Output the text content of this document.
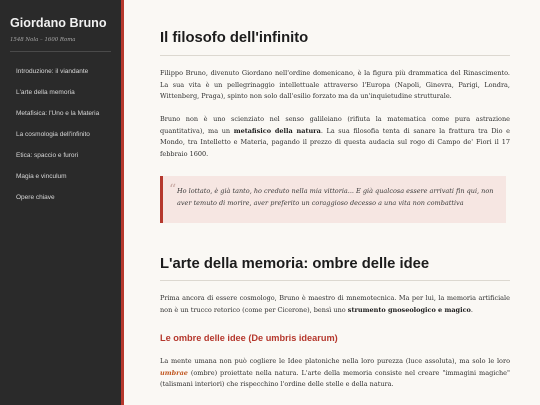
Giordano Bruno
1548 Nola – 1600 Roma
Introduzione: il viandante
L'arte della memoria
Metafisica: l'Uno e la Materia
La cosmologia dell'infinito
Etica: spaccio e furori
Magia e vinculum
Opere chiave
Il filosofo dell'infinito

Filippo Bruno, divenuto Giordano nell'ordine domenicano, è la figura più drammatica del Rinascimento. La sua vita è un pellegrinaggio intellettuale attraverso l'Europa (Napoli, Ginevra, Parigi, Londra, Wittenberg, Praga), spinto non solo dall'esilio forzato ma da un'inquietudine strutturale.

Bruno non è uno scienziato nel senso galileiano (rifiuta la matematica come pura astrazione quantitativa), ma un metafisico della natura. La sua filosofia tenta di sanare la frattura tra Dio e Mondo, tra Intelletto e Materia, pagando il prezzo di questa audacia sul rogo di Campo de' Fiori il 17 febbraio 1600.

“ Ho lottato, è già tanto, ho creduto nella mia vittoria... E già qualcosa essere arrivati fin qui, non aver temuto di morire, aver preferito un coraggioso decesso a una vita non combattiva
L'arte della memoria: ombre delle idee

Prima ancora di essere cosmologo, Bruno è maestro di mnemotecnica. Ma per lui, la memoria artificiale non è un trucco retorico (come per Cicerone), bensì uno strumento gnoseologico e magico.

Le ombre delle idee (De umbris idearum)

La mente umana non può cogliere le Idee platoniche nella loro purezza (luce assoluta), ma solo le loro umbrae (ombre) proiettate nella natura. L'arte della memoria consiste nel creare "immagini magiche" (talismani interiori) che rispecchino l'ordine delle stelle e della natura.
